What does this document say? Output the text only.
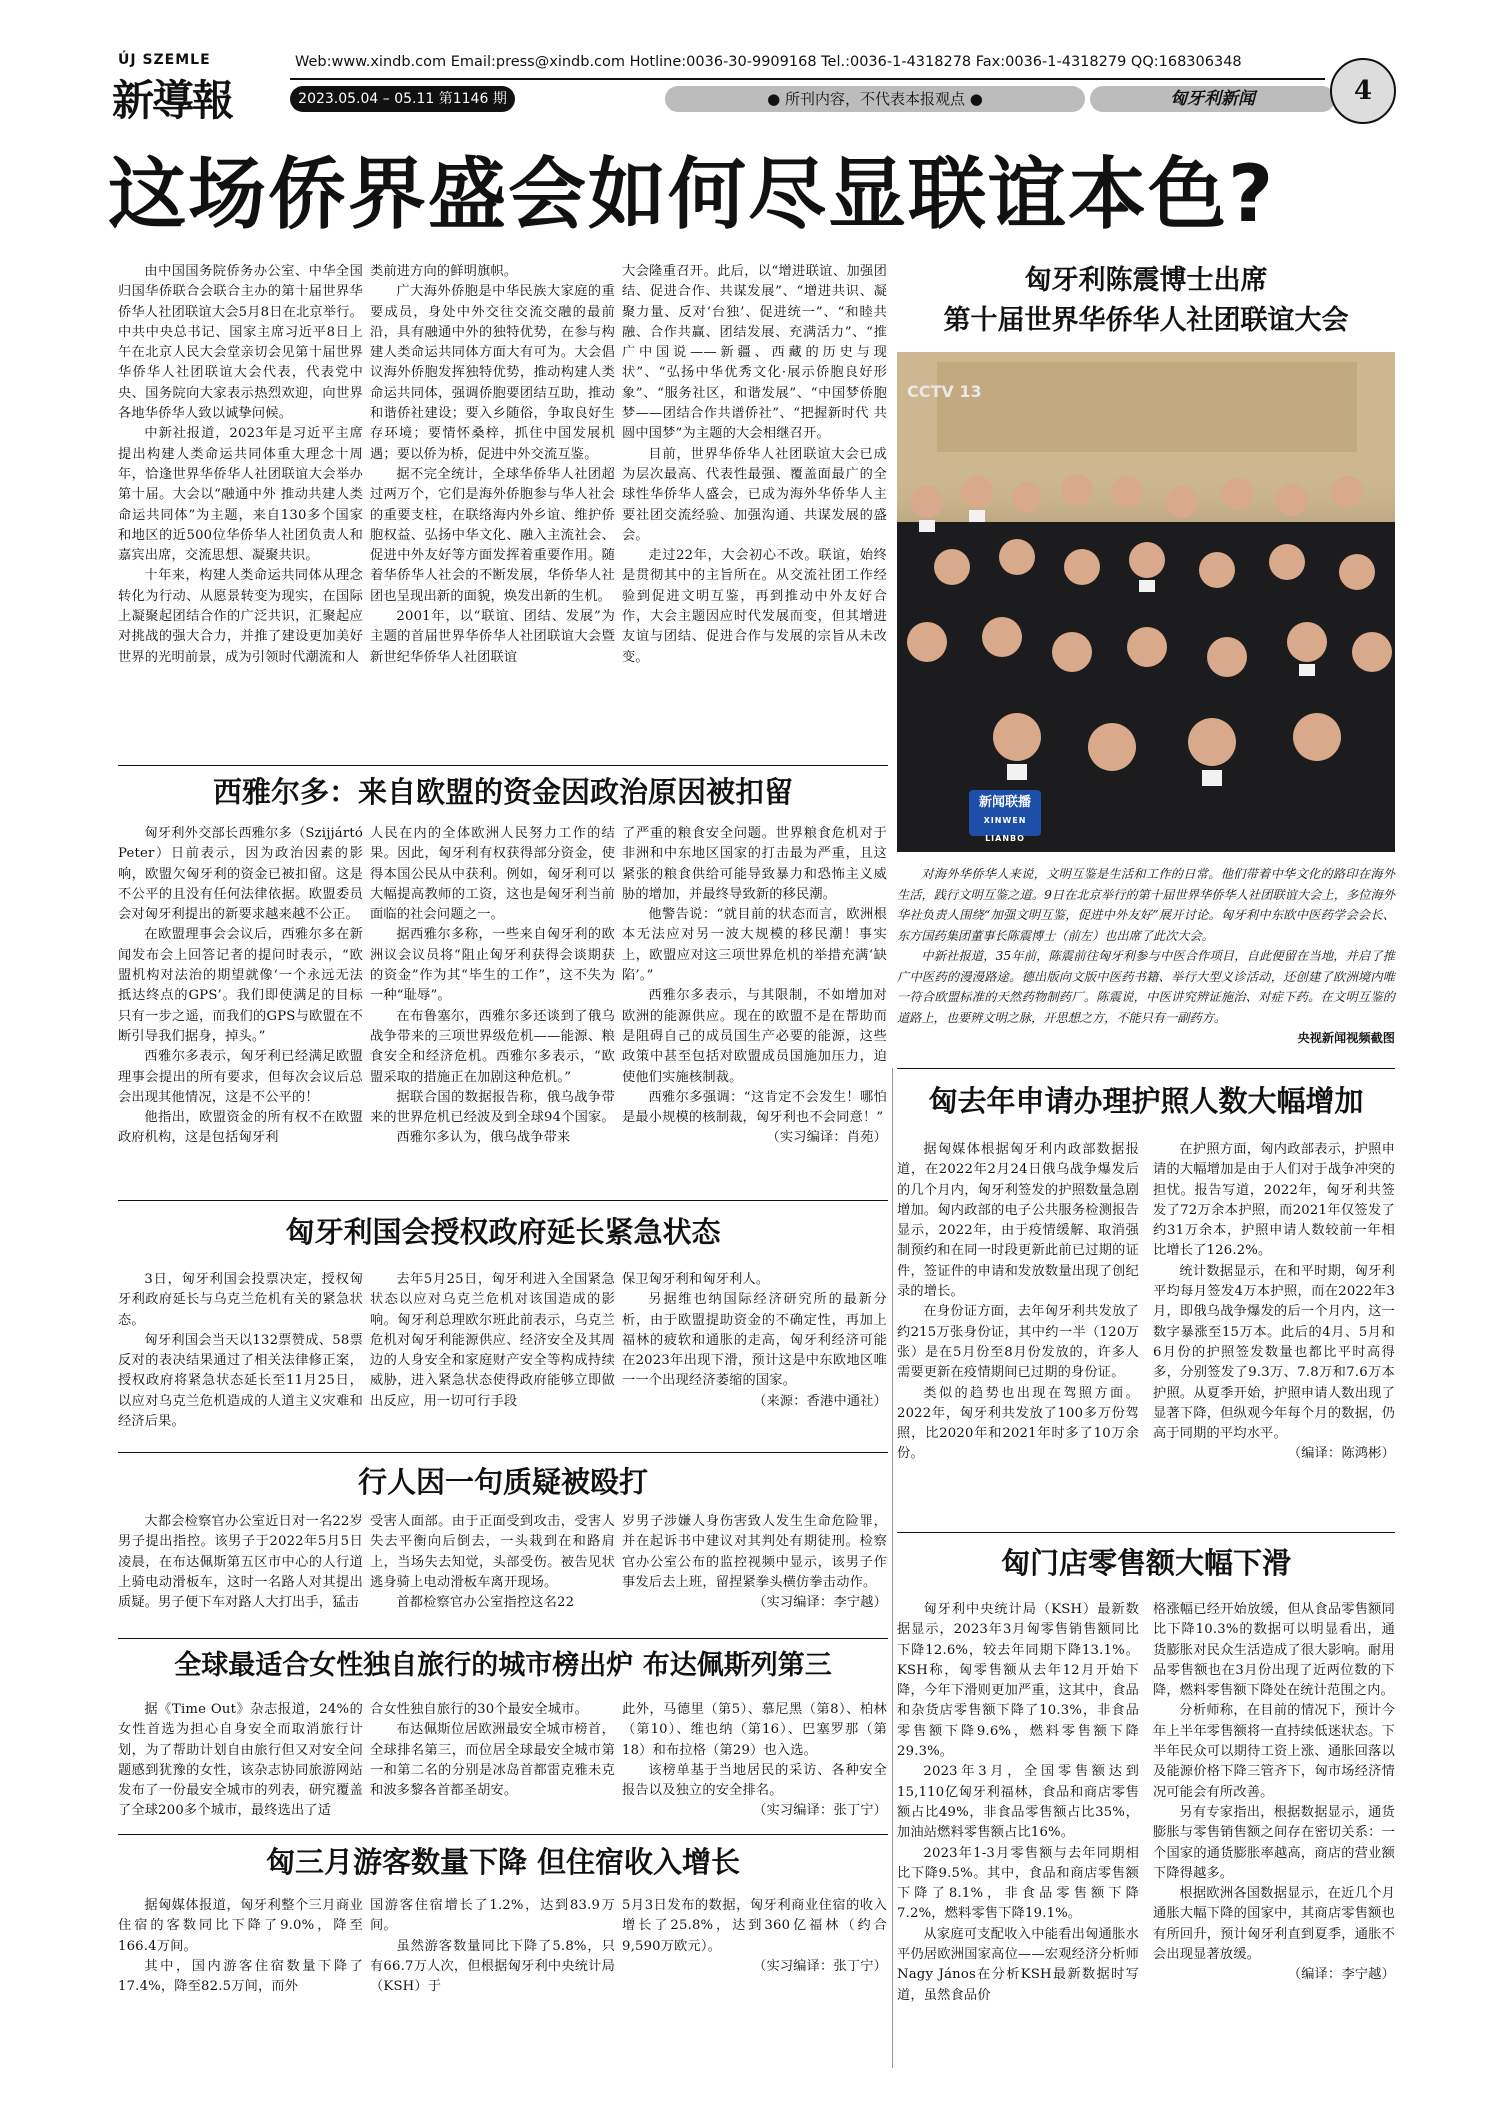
ÚJ SZEMLE
新導報
Web:www.xindb.com Email:press@xindb.com Hotline:0036-30-9909168 Tel.:0036-1-4318278 Fax:0036-1-4318279 QQ:168306348
2023.05.04 – 05.11 第1146 期	● 所刊内容，不代表本报观点 ●	匈牙利新闻	4
这场侨界盛会如何尽显联谊本色?

由中国国务院侨务办公室、中华全国归国华侨联合会联合主办的第十届世界华侨华人社团联谊大会5月8日在北京举行。中共中央总书记、国家主席习近平8日上午在北京人民大会堂亲切会见第十届世界华侨华人社团联谊大会代表，代表党中央、国务院向大家表示热烈欢迎，向世界各地华侨华人致以诚挚问候。

中新社报道，2023年是习近平主席提出构建人类命运共同体重大理念十周年，恰逢世界华侨华人社团联谊大会举办第十届。大会以“融通中外 推动共建人类命运共同体”为主题，来自130多个国家和地区的近500位华侨华人社团负责人和嘉宾出席，交流思想、凝聚共识。

十年来，构建人类命运共同体从理念转化为行动、从愿景转变为现实，在国际上凝聚起团结合作的广泛共识，汇聚起应对挑战的强大合力，并推了建设更加美好世界的光明前景，成为引领时代潮流和人

类前进方向的鲜明旗帜。

广大海外侨胞是中华民族大家庭的重要成员，身处中外交往交流交融的最前沿，具有融通中外的独特优势，在参与构建人类命运共同体方面大有可为。大会倡议海外侨胞发挥独特优势，推动构建人类命运共同体，强调侨胞要团结互助，推动和谐侨社建设；要入乡随俗，争取良好生存环境；要情怀桑梓，抓住中国发展机遇；要以侨为桥，促进中外交流互鉴。

据不完全统计，全球华侨华人社团超过两万个，它们是海外侨胞参与华人社会的重要支柱，在联络海内外乡谊、维护侨胞权益、弘扬中华文化、融入主流社会、促进中外友好等方面发挥着重要作用。随着华侨华人社会的不断发展，华侨华人社团也呈现出新的面貌，焕发出新的生机。

2001年，以“联谊、团结、发展”为主题的首届世界华侨华人社团联谊大会暨新世纪华侨华人社团联谊

大会隆重召开。此后，以“增进联谊、加强团结、促进合作、共谋发展”、“增进共识、凝聚力量、反对‘台独’、促进统一”、“和睦共融、合作共赢、团结发展、充满活力”、“推广中国说——新疆、西藏的历史与现状”、“弘扬中华优秀文化·展示侨胞良好形象”、“服务社区，和谐发展”、“中国梦侨胞梦——团结合作共谱侨社”、“把握新时代 共圆中国梦”为主题的大会相继召开。

目前，世界华侨华人社团联谊大会已成为层次最高、代表性最强、覆盖面最广的全球性华侨华人盛会，已成为海外华侨华人主要社团交流经验、加强沟通、共谋发展的盛会。

走过22年，大会初心不改。联谊，始终是贯彻其中的主旨所在。从交流社团工作经验到促进文明互鉴，再到推动中外友好合作，大会主题因应时代发展而变，但其增进友谊与团结、促进合作与发展的宗旨从未改变。

匈牙利陈震博士出席
第十届世界华侨华人社团联谊大会
CCTV 13
新闻联播
XINWEN LIANBO

对海外华侨华人来说，文明互鉴是生活和工作的日常。他们带着中华文化的路印在海外生活，践行文明互鉴之道。9日在北京举行的第十届世界华侨华人社团联谊大会上，多位海外华社负责人围绕“加强文明互鉴，促进中外友好”展开讨论。匈牙利中东欧中医药学会会长、东方国药集团董事长陈震博士（前左）也出席了此次大会。

中新社报道，35年前，陈震前往匈牙利参与中医合作项目，自此便留在当地，并启了推广中医药的漫漫路途。德出版向文版中医药书籍、举行大型义诊活动，还创建了欧洲境内唯一符合欧盟标准的天然药物制药厂。陈震说，中医讲究辨证施治、对症下药。在文明互鉴的道路上，也要辨文明之脉，开思想之方，不能只有一副药方。

央视新闻视频截图
西雅尔多：来自欧盟的资金因政治原因被扣留

匈牙利外交部长西雅尔多（Szijjártó Peter）日前表示，因为政治因素的影响，欧盟欠匈牙利的资金已被扣留。这是不公平的且没有任何法律依据。欧盟委员会对匈牙利提出的新要求越来越不公正。

在欧盟理事会会议后，西雅尔多在新闻发布会上回答记者的提问时表示，“欧盟机构对法治的期望就像‘一个永远无法抵达终点的GPS’。我们即使满足的目标只有一步之遥，而我们的GPS与欧盟在不断引导我们据身，掉头。”

西雅尔多表示，匈牙利已经满足欧盟理事会提出的所有要求，但每次会议后总会出现其他情况，这是不公平的！

他指出，欧盟资金的所有权不在欧盟政府机构，这是包括匈牙利

人民在内的全体欧洲人民努力工作的结果。因此，匈牙利有权获得部分资金，使得本国公民从中获利。例如，匈牙利可以大幅提高教师的工资，这也是匈牙利当前面临的社会问题之一。

据西雅尔多称，一些来自匈牙利的欧洲议会议员将“阻止匈牙利获得会谈期获的资金”作为其“毕生的工作”，这不失为一种“耻辱”。

在布鲁塞尔，西雅尔多还谈到了俄乌战争带来的三项世界级危机——能源、粮食安全和经济危机。西雅尔多表示，“欧盟采取的措施正在加剧这种危机。”

据联合国的数据报告称，俄乌战争带来的世界危机已经波及到全球94个国家。

西雅尔多认为，俄乌战争带来

了严重的粮食安全问题。世界粮食危机对于非洲和中东地区国家的打击最为严重，且这紧张的粮食供给可能导致暴力和恐怖主义威胁的增加，并最终导致新的移民潮。

他警告说：“就目前的状态而言，欧洲根本无法应对另一波大规模的移民潮！事实上，欧盟应对这三项世界危机的举措充满‘缺陷’。”

西雅尔多表示，与其限制，不如增加对欧洲的能源供应。现在的欧盟不是在帮助而是阻碍自己的成员国生产必要的能源，这些政策中甚至包括对欧盟成员国施加压力，迫使他们实施核制裁。

西雅尔多强调：“这肯定不会发生！哪怕是最小规模的核制裁，匈牙利也不会同意！”

（实习编译：肖苑）
匈牙利国会授权政府延长紧急状态

3日，匈牙利国会投票决定，授权匈牙利政府延长与乌克兰危机有关的紧急状态。

匈牙利国会当天以132票赞成、58票反对的表决结果通过了相关法律修正案，授权政府将紧急状态延长至11月25日，以应对乌克兰危机造成的人道主义灾难和经济后果。

去年5月25日，匈牙利进入全国紧急状态以应对乌克兰危机对该国造成的影响。匈牙利总理欧尔班此前表示，乌克兰危机对匈牙利能源供应、经济安全及其周边的人身安全和家庭财产安全等构成持续威胁，进入紧急状态使得政府能够立即做出反应，用一切可行手段

保卫匈牙利和匈牙利人。

另据维也纳国际经济研究所的最新分析，由于欧盟提助资金的不确定性，再加上福林的疲软和通胀的走高，匈牙利经济可能在2023年出现下滑，预计这是中东欧地区唯一一个出现经济萎缩的国家。

（来源：香港中通社）
行人因一句质疑被殴打

大都会检察官办公室近日对一名22岁男子提出指控。该男子于2022年5月5日凌晨，在布达佩斯第五区市中心的人行道上骑电动滑板车，这时一名路人对其提出质疑。男子便下车对路人大打出手，猛击

受害人面部。由于正面受到攻击，受害人失去平衡向后倒去，一头栽到在和路肩上，当场失去知觉，头部受伤。被告见状逃身骑上电动滑板车离开现场。

首都检察官办公室指控这名22

岁男子涉嫌人身伤害致人发生生命危险罪，并在起诉书中建议对其判处有期徒刑。检察官办公室公布的监控视频中显示，该男子作事发后去上班，留捏紧拳头横仿拳击动作。

（实习编译：李宁越）
全球最适合女性独自旅行的城市榜出炉 布达佩斯列第三

据《Time Out》杂志报道，24%的女性首选为担心自身安全而取消旅行计划，为了帮助计划自由旅行但又对安全问题感到犹豫的女性，该杂志协同旅游网站发布了一份最安全城市的列表，研究覆盖了全球200多个城市，最终选出了适

合女性独自旅行的30个最安全城市。

布达佩斯位居欧洲最安全城市榜首，全球排名第三，而位居全球最安全城市第一和第二名的分别是冰岛首都雷克雅未克和波多黎各首都圣胡安。

此外，马德里（第5）、慕尼黑（第8）、柏林（第10）、维也纳（第16）、巴塞罗那（第18）和布拉格（第29）也入选。

该榜单基于当地居民的采访、各种安全报告以及独立的安全排名。

（实习编译：张丁宁）
匈三月游客数量下降 但住宿收入增长

据匈媒体报道，匈牙利整个三月商业住宿的客数同比下降了9.0%，降至166.4万间。

其中，国内游客住宿数量下降了17.4%，降至82.5万间，而外

国游客住宿增长了1.2%，达到83.9万间。

虽然游客数量同比下降了5.8%，只有66.7万人次，但根据匈牙利中央统计局（KSH）于

5月3日发布的数据，匈牙利商业住宿的收入增长了25.8%，达到360亿福林（约合9,590万欧元）。

（实习编译：张丁宁）
匈去年申请办理护照人数大幅增加

据匈媒体根据匈牙利内政部数据报道，在2022年2月24日俄乌战争爆发后的几个月内，匈牙利签发的护照数量急剧增加。匈内政部的电子公共服务检测报告显示，2022年，由于疫情缓解、取消强制预约和在同一时段更新此前已过期的证件，签证件的申请和发放数量出现了创纪录的增长。

在身份证方面，去年匈牙利共发放了约215万张身份证，其中约一半（120万张）是在5月份至8月份发放的，许多人需要更新在疫情期间已过期的身份证。

类似的趋势也出现在驾照方面。2022年，匈牙利共发放了100多万份驾照，比2020年和2021年时多了10万余份。

在护照方面，匈内政部表示，护照申请的大幅增加是由于人们对于战争冲突的担忧。报告写道，2022年，匈牙利共签发了72万余本护照，而2021年仅签发了约31万余本，护照申请人数较前一年相比增长了126.2%。

统计数据显示，在和平时期，匈牙利平均每月签发4万本护照，而在2022年3月，即俄乌战争爆发的后一个月内，这一数字暴涨至15万本。此后的4月、5月和6月份的护照签发数量也都比平时高得多，分别签发了9.3万、7.8万和7.6万本护照。从夏季开始，护照申请人数出现了显著下降，但纵观今年每个月的数据，仍高于同期的平均水平。

（编译：陈鸿彬）
匈门店零售额大幅下滑

匈牙利中央统计局（KSH）最新数据显示，2023年3月匈零售销售额同比下降12.6%，较去年同期下降13.1%。KSH称，匈零售额从去年12月开始下降，今年下滑则更加严重，这其中，食品和杂货店零售额下降了10.3%，非食品零售额下降9.6%，燃料零售额下降29.3%。

2023年3月，全国零售额达到15,110亿匈牙利福林，食品和商店零售额占比49%，非食品零售额占比35%，加油站燃料零售额占比16%。

2023年1-3月零售额与去年同期相比下降9.5%。其中，食品和商店零售额下降了8.1%，非食品零售额下降7.2%，燃料零售下降19.1%。

从家庭可支配收入中能看出匈通胀水平仍居欧洲国家高位——宏观经济分析师Nagy János在分析KSH最新数据时写道，虽然食品价

格涨幅已经开始放缓，但从食品零售额同比下降10.3%的数据可以明显看出，通货膨胀对民众生活造成了很大影响。耐用品零售额也在3月份出现了近两位数的下降，燃料零售额下降处在统计范围之内。

分析师称，在目前的情况下，预计今年上半年零售额将一直持续低迷状态。下半年民众可以期待工资上涨、通胀回落以及能源价格下降三管齐下，匈市场经济情况可能会有所改善。

另有专家指出，根据数据显示，通货膨胀与零售销售额之间存在密切关系：一个国家的通货膨胀率越高，商店的营业额下降得越多。

根据欧洲各国数据显示，在近几个月通胀大幅下降的国家中，其商店零售额也有所回升，预计匈牙利直到夏季，通胀不会出现显著放缓。

（编译：李宁越）
